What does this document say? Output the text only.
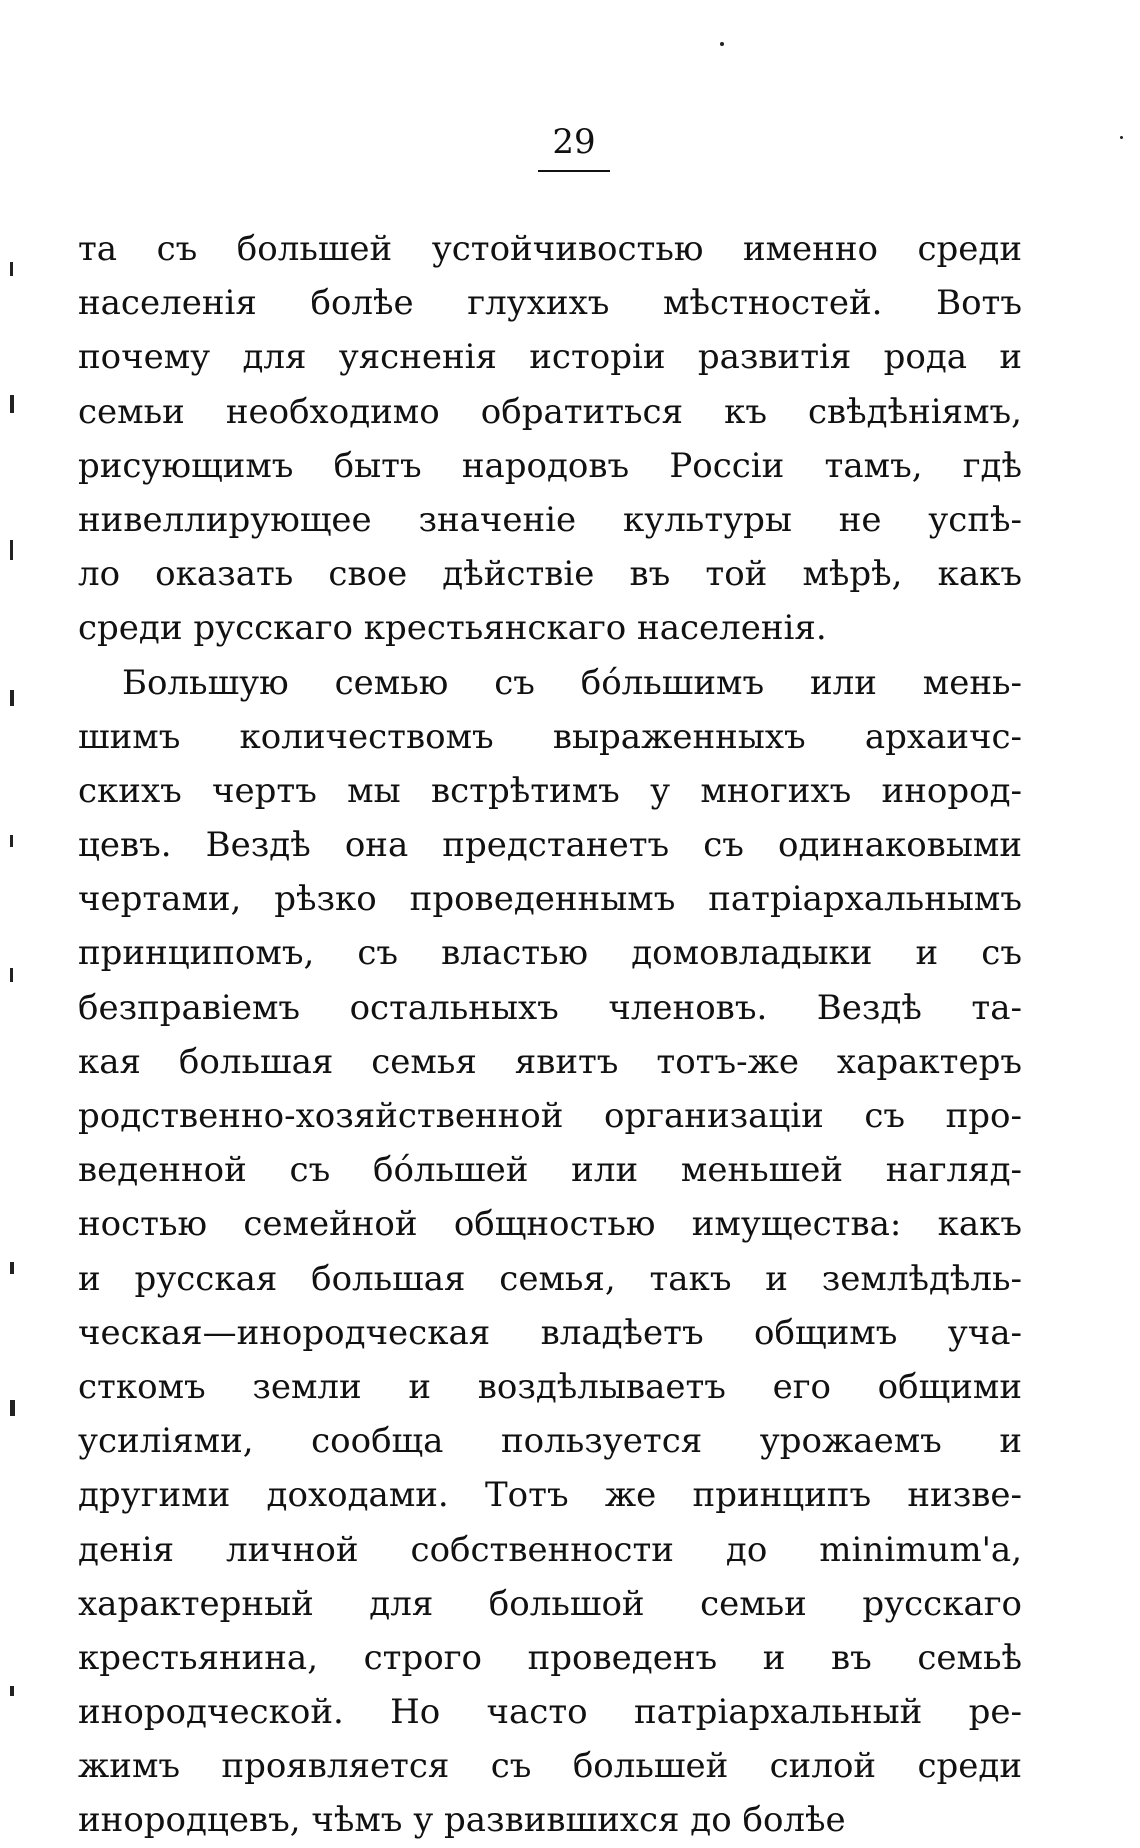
29
та съ большей устойчивостью именно среди
населенія болѣе глухихъ мѣстностей. Вотъ
почему для уясненія исторіи развитія рода и
семьи необходимо обратиться къ свѣдѣніямъ,
рисующимъ бытъ народовъ Россіи тамъ, гдѣ
нивеллирующее значеніе культуры не успѣ-
ло оказать свое дѣйствіе въ той мѣрѣ, какъ
среди русскаго крестьянскаго населенія.
Большую семью съ бо́льшимъ или мень-
шимъ количествомъ выраженныхъ архаичс-
скихъ чертъ мы встрѣтимъ у многихъ инород-
цевъ. Вездѣ она предстанетъ съ одинаковыми
чертами, рѣзко проведеннымъ патріархальнымъ
принципомъ, съ властью домовладыки и съ
безправіемъ остальныхъ членовъ. Вездѣ та-
кая большая семья явитъ тотъ-же характеръ
родственно-хозяйственной организаціи съ про-
веденной съ бо́льшей или меньшей нагляд-
ностью семейной общностью имущества: какъ
и русская большая семья, такъ и землѣдѣль-
ческая—инородческая владѣетъ общимъ уча-
сткомъ земли и воздѣлываетъ его общими
усиліями, сообща пользуется урожаемъ и
другими доходами. Тотъ же принципъ низве-
денія личной собственности до minimum'а,
характерный для большой семьи русскаго
крестьянина, строго проведенъ и въ семьѣ
инородческой. Но часто патріархальный ре-
жимъ проявляется съ большей силой среди
инородцевъ, чѣмъ у развившихся до болѣе
